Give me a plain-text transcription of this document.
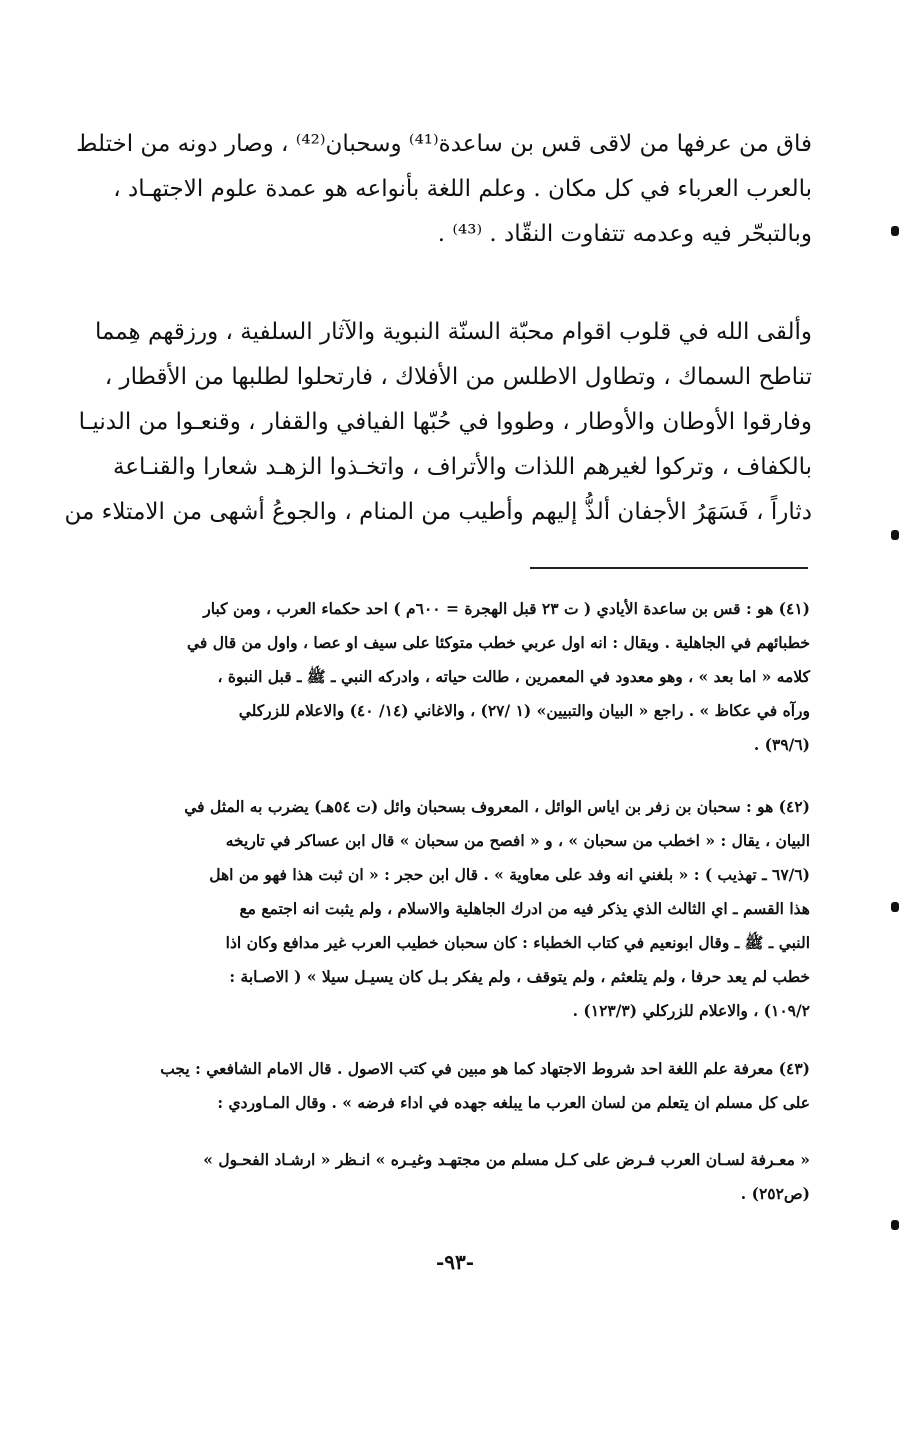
فاق من عرفها من لاقى قس بن ساعدة⁽⁴¹⁾ وسحبان⁽⁴²⁾ ، وصار دونه من اختلط
بالعرب العرباء في كل مكان . وعلم اللغة بأنواعه هو عمدة علوم الاجتهـاد ،
وبالتبحّر فيه وعدمه تتفاوت النقّاد . ⁽⁴³⁾ .
وألقى الله في قلوب اقوام محبّة السنّة النبوية والآثار السلفية ، ورزقهم هِمما
تناطح السماك ، وتطاول الاطلس من الأفلاك ، فارتحلوا لطلبها من الأقطار ،
وفارقوا الأوطان والأوطار ، وطووا في حُبّها الفيافي والقفار ، وقنعـوا من الدنيـا
بالكفاف ، وتركوا لغيرهم اللذات والأتراف ، واتخـذوا الزهـد شعارا والقنـاعة
دثاراً ، فَسَهَرُ الأجفان ألذُّ إليهم وأطيب من المنام ، والجوعُ أشهى من الامتلاء من
(٤١) هو : قس بن ساعدة الأيادي ( ت ٢٣ قبل الهجرة = ٦٠٠م ) احد حكماء العرب ، ومن كبار
خطبائهم في الجاهلية . ويقال : انه اول عربي خطب متوكئا على سيف او عصا ، واول من قال في
كلامه « اما بعد » ، وهو معدود في المعمرين ، طالت حياته ، وادركه النبي ـ ﷺ ـ قبل النبوة ،
ورآه في عكاظ » . راجع « البيان والتبيين» (١ /٢٧) ، والاغاني (١٤/ ٤٠) والاعلام للزركلي
(٣٩/٦) .
(٤٢) هو : سحبان بن زفر بن اياس الوائل ، المعروف بسحبان وائل (ت ٥٤هـ) يضرب به المثل في
البيان ، يقال : « اخطب من سحبان » ، و « افصح من سحبان » قال ابن عساكر في تاريخه
(٦٧/٦ ـ تهذيب ) : « بلغني انه وفد على معاوية » . قال ابن حجر : « ان ثبت هذا فهو من اهل
هذا القسم ـ اي الثالث الذي يذكر فيه من ادرك الجاهلية والاسلام ، ولم يثبت انه اجتمع مع
النبي ـ ﷺ ـ وقال ابونعيم في كتاب الخطباء : كان سحبان خطيب العرب غير مدافع وكان اذا
خطب لم يعد حرفا ، ولم يتلعثم ، ولم يتوقف ، ولم يفكر بـل كان يسيـل سيلا » ( الاصـابة :
١٠٩/٢) ، والاعلام للزركلي (١٢٣/٣) .
(٤٣) معرفة علم اللغة احد شروط الاجتهاد كما هو مبين في كتب الاصول . قال الامام الشافعي : يجب
على كل مسلم ان يتعلم من لسان العرب ما يبلغه جهده في اداء فرضه » . وقال المـاوردي :
« معـرفة لسـان العرب فـرض على كـل مسلم من مجتهـد وغيـره » انـظر « ارشـاد الفحـول »
(ص٢٥٢) .
-٩٣-
